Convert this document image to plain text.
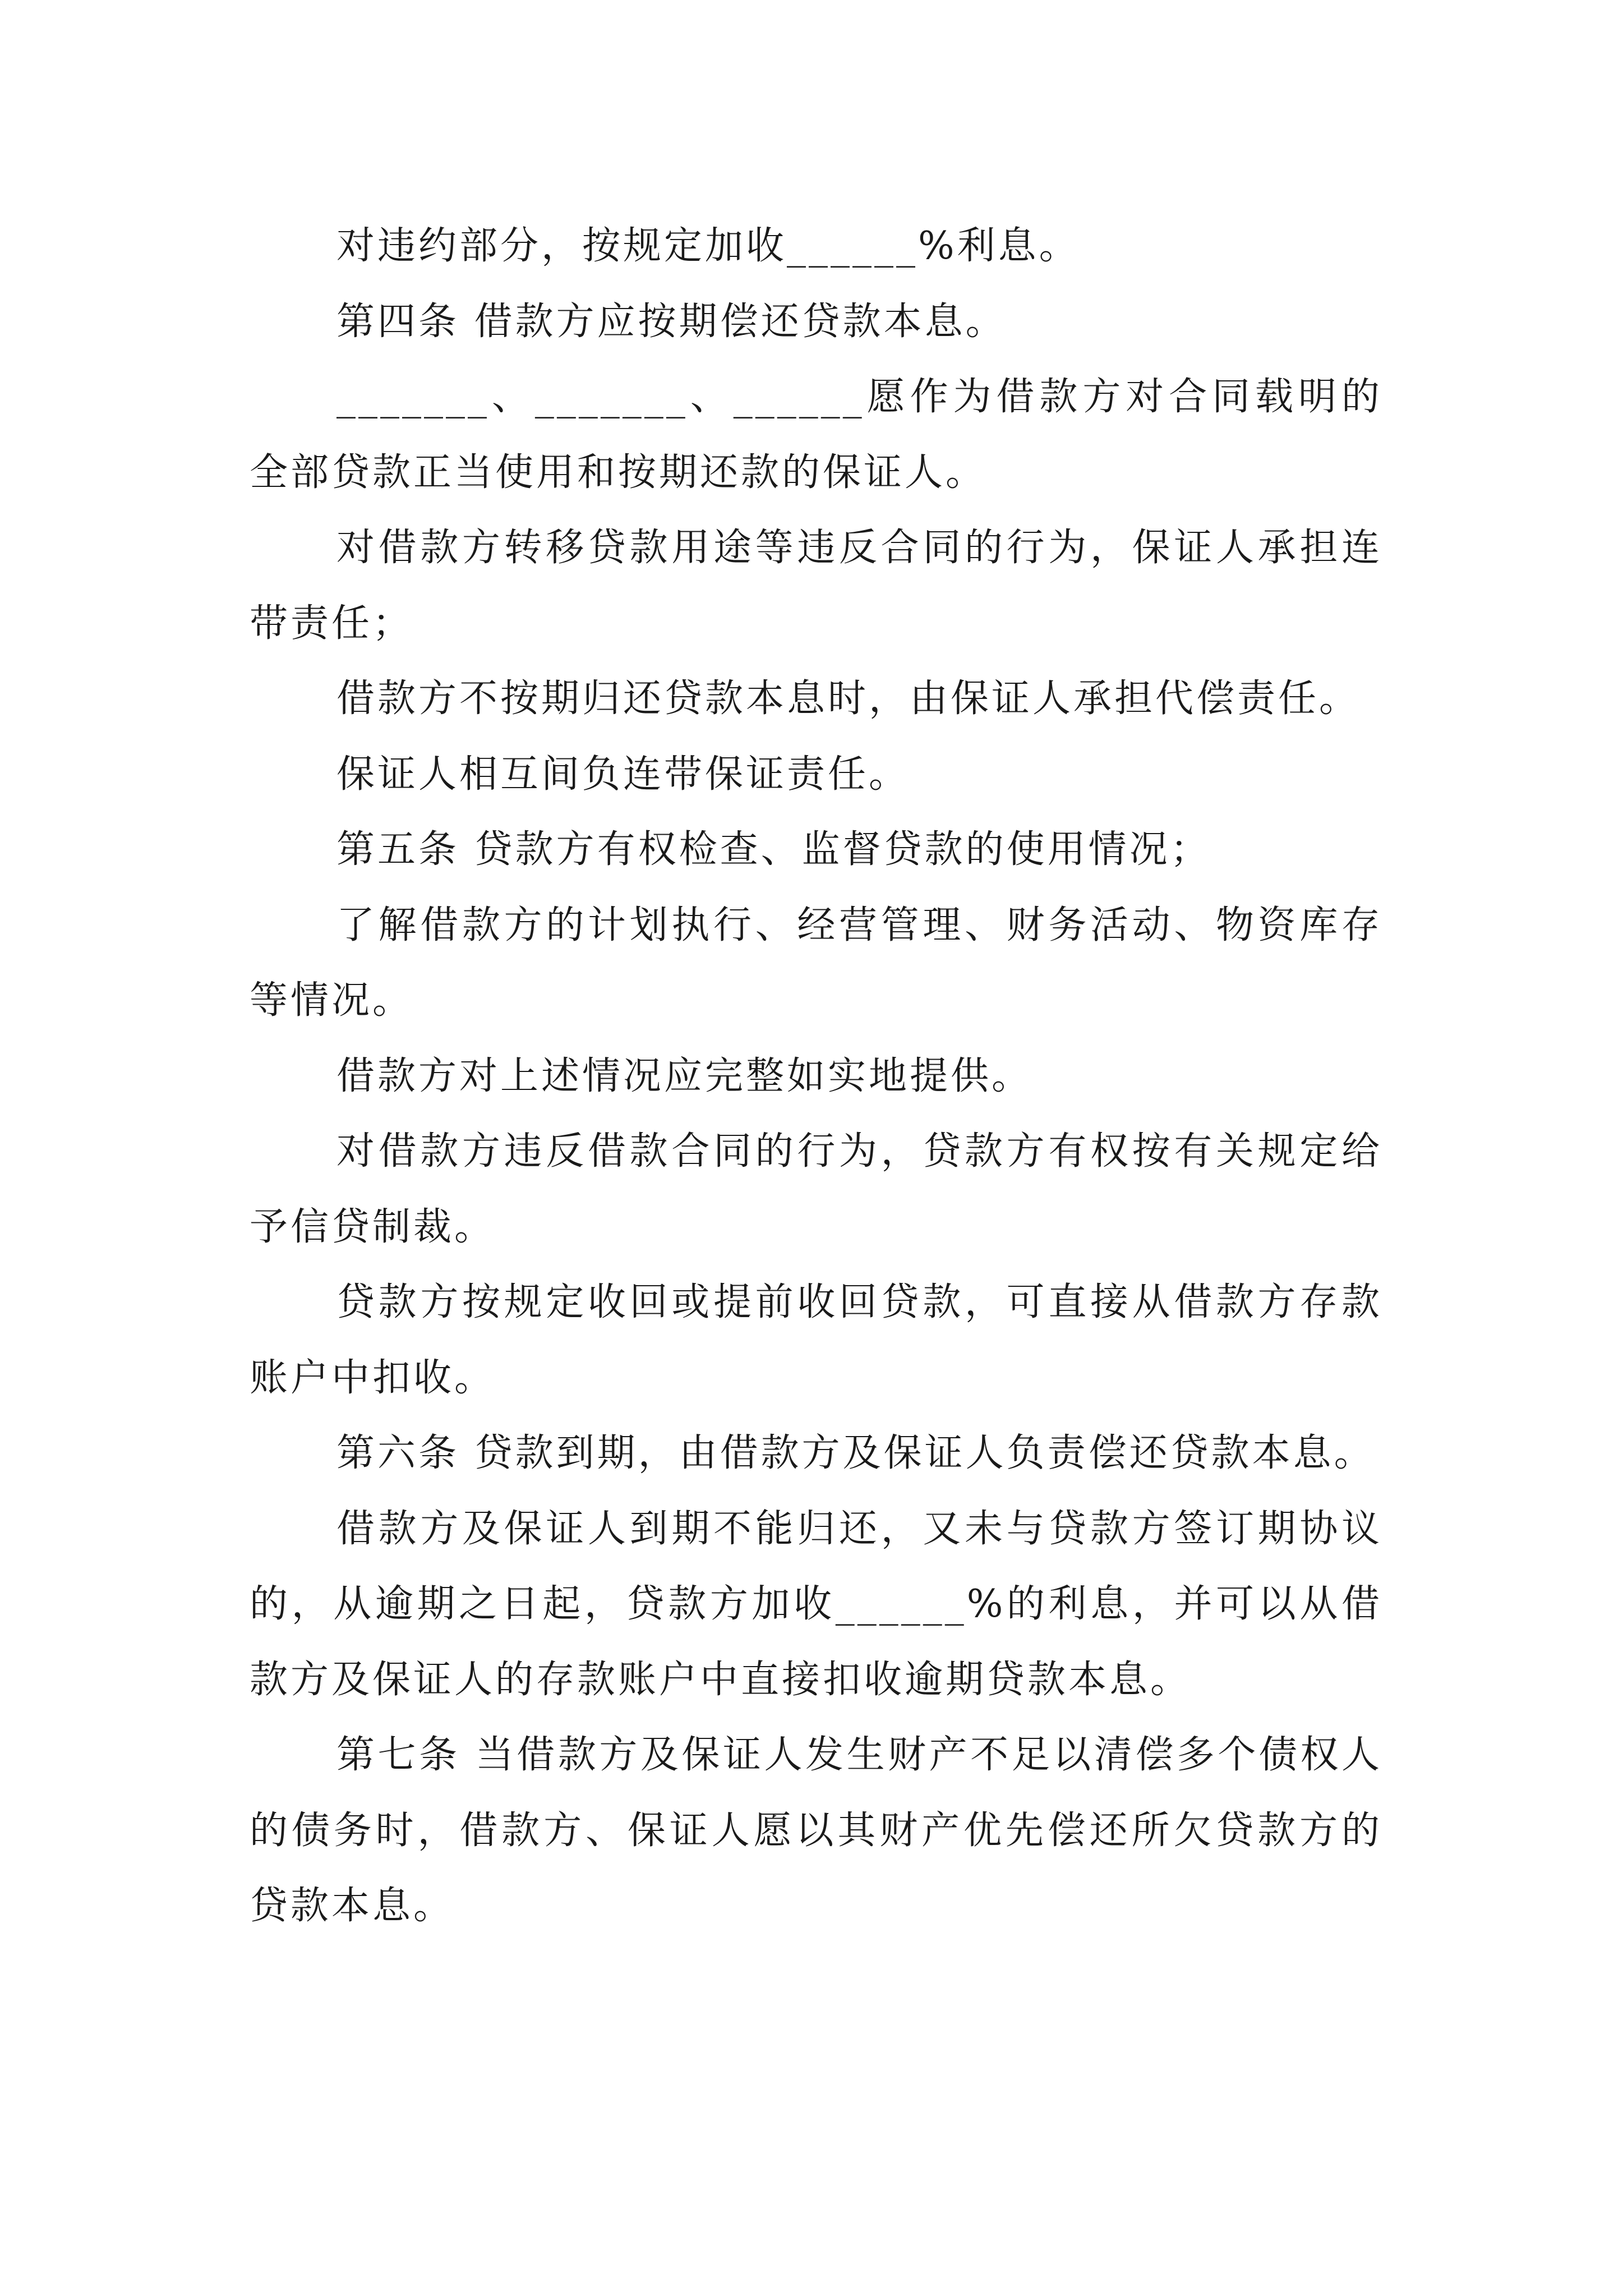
对违约部分，按规定加收______%利息。

第四条 借款方应按期偿还贷款本息。

_______、_______、______愿作为借款方对合同载明的全部贷款正当使用和按期还款的保证人。

对借款方转移贷款用途等违反合同的行为，保证人承担连带责任；

借款方不按期归还贷款本息时，由保证人承担代偿责任。

保证人相互间负连带保证责任。

第五条 贷款方有权检查、监督贷款的使用情况；

了解借款方的计划执行、经营管理、财务活动、物资库存等情况。

借款方对上述情况应完整如实地提供。

对借款方违反借款合同的行为，贷款方有权按有关规定给予信贷制裁。

贷款方按规定收回或提前收回贷款，可直接从借款方存款账户中扣收。

第六条 贷款到期，由借款方及保证人负责偿还贷款本息。

借款方及保证人到期不能归还，又未与贷款方签订期协议的，从逾期之日起，贷款方加收______%的利息，并可以从借款方及保证人的存款账户中直接扣收逾期贷款本息。

第七条 当借款方及保证人发生财产不足以清偿多个债权人的债务时，借款方、保证人愿以其财产优先偿还所欠贷款方的贷款本息。
